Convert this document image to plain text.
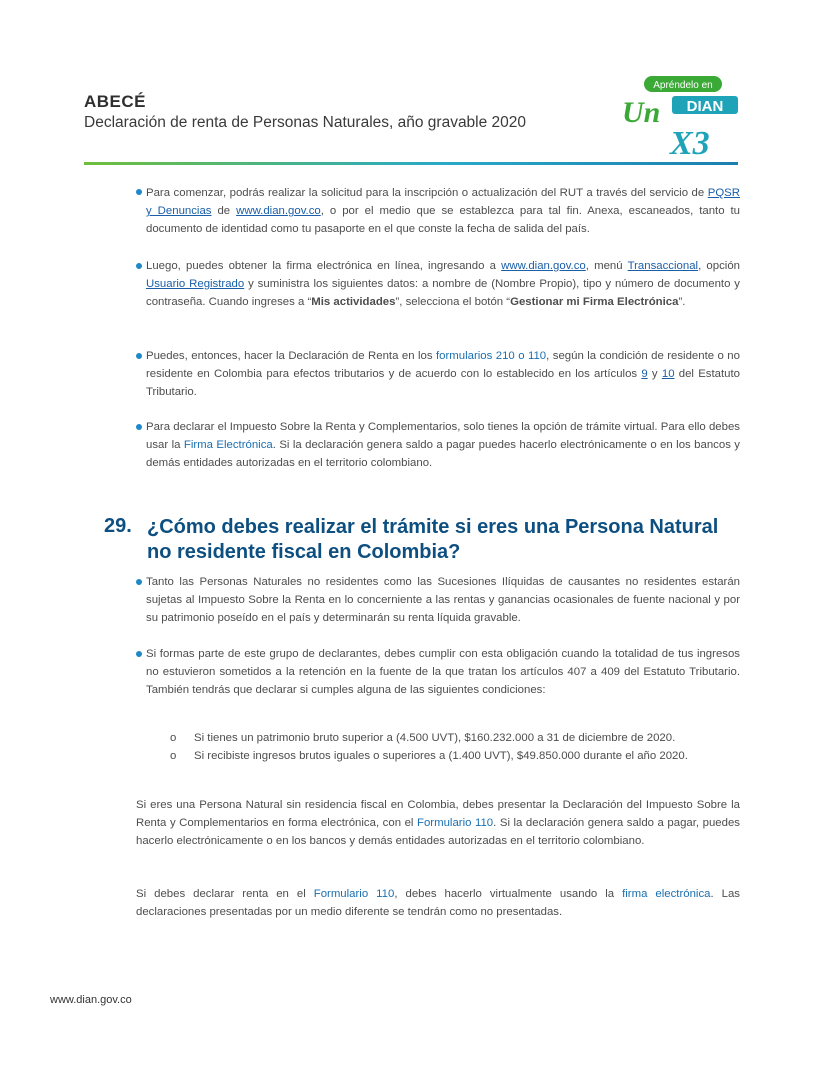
ABECÉ
Declaración de renta de Personas Naturales, año gravable 2020
Apréndelo en
Un DIAN
X3
Para comenzar, podrás realizar la solicitud para la inscripción o actualización del RUT a través del servicio de PQSR y Denuncias de www.dian.gov.co, o por el medio que se establezca para tal fin. Anexa, escaneados, tanto tu documento de identidad como tu pasaporte en el que conste la fecha de salida del país.
Luego, puedes obtener la firma electrónica en línea, ingresando a www.dian.gov.co, menú Transaccional, opción Usuario Registrado y suministra los siguientes datos: a nombre de (Nombre Propio), tipo y número de documento y contraseña. Cuando ingreses a “Mis actividades”, selecciona el botón “Gestionar mi Firma Electrónica”.
Puedes, entonces, hacer la Declaración de Renta en los formularios 210 o 110, según la condición de residente o no residente en Colombia para efectos tributarios y de acuerdo con lo establecido en los artículos 9 y 10 del Estatuto Tributario.
Para declarar el Impuesto Sobre la Renta y Complementarios, solo tienes la opción de trámite virtual. Para ello debes usar la Firma Electrónica. Si la declaración genera saldo a pagar puedes hacerlo electrónicamente o en los bancos y demás entidades autorizadas en el territorio colombiano.
29. ¿Cómo debes realizar el trámite si eres una Persona Natural no residente fiscal en Colombia?
Tanto las Personas Naturales no residentes como las Sucesiones Ilíquidas de causantes no residentes estarán sujetas al Impuesto Sobre la Renta en lo concerniente a las rentas y ganancias ocasionales de fuente nacional y por su patrimonio poseído en el país y determinarán su renta líquida gravable.
Si formas parte de este grupo de declarantes, debes cumplir con esta obligación cuando la totalidad de tus ingresos no estuvieron sometidos a la retención en la fuente de la que tratan los artículos 407 a 409 del Estatuto Tributario. También tendrás que declarar si cumples alguna de las siguientes condiciones:
o Si tienes un patrimonio bruto superior a (4.500 UVT), $160.232.000 a 31 de diciembre de 2020.
o Si recibiste ingresos brutos iguales o superiores a (1.400 UVT), $49.850.000 durante el año 2020.
Si eres una Persona Natural sin residencia fiscal en Colombia, debes presentar la Declaración del Impuesto Sobre la Renta y Complementarios en forma electrónica, con el Formulario 110. Si la declaración genera saldo a pagar, puedes hacerlo electrónicamente o en los bancos y demás entidades autorizadas en el territorio colombiano.
Si debes declarar renta en el Formulario 110, debes hacerlo virtualmente usando la firma electrónica. Las declaraciones presentadas por un medio diferente se tendrán como no presentadas.
www.dian.gov.co
